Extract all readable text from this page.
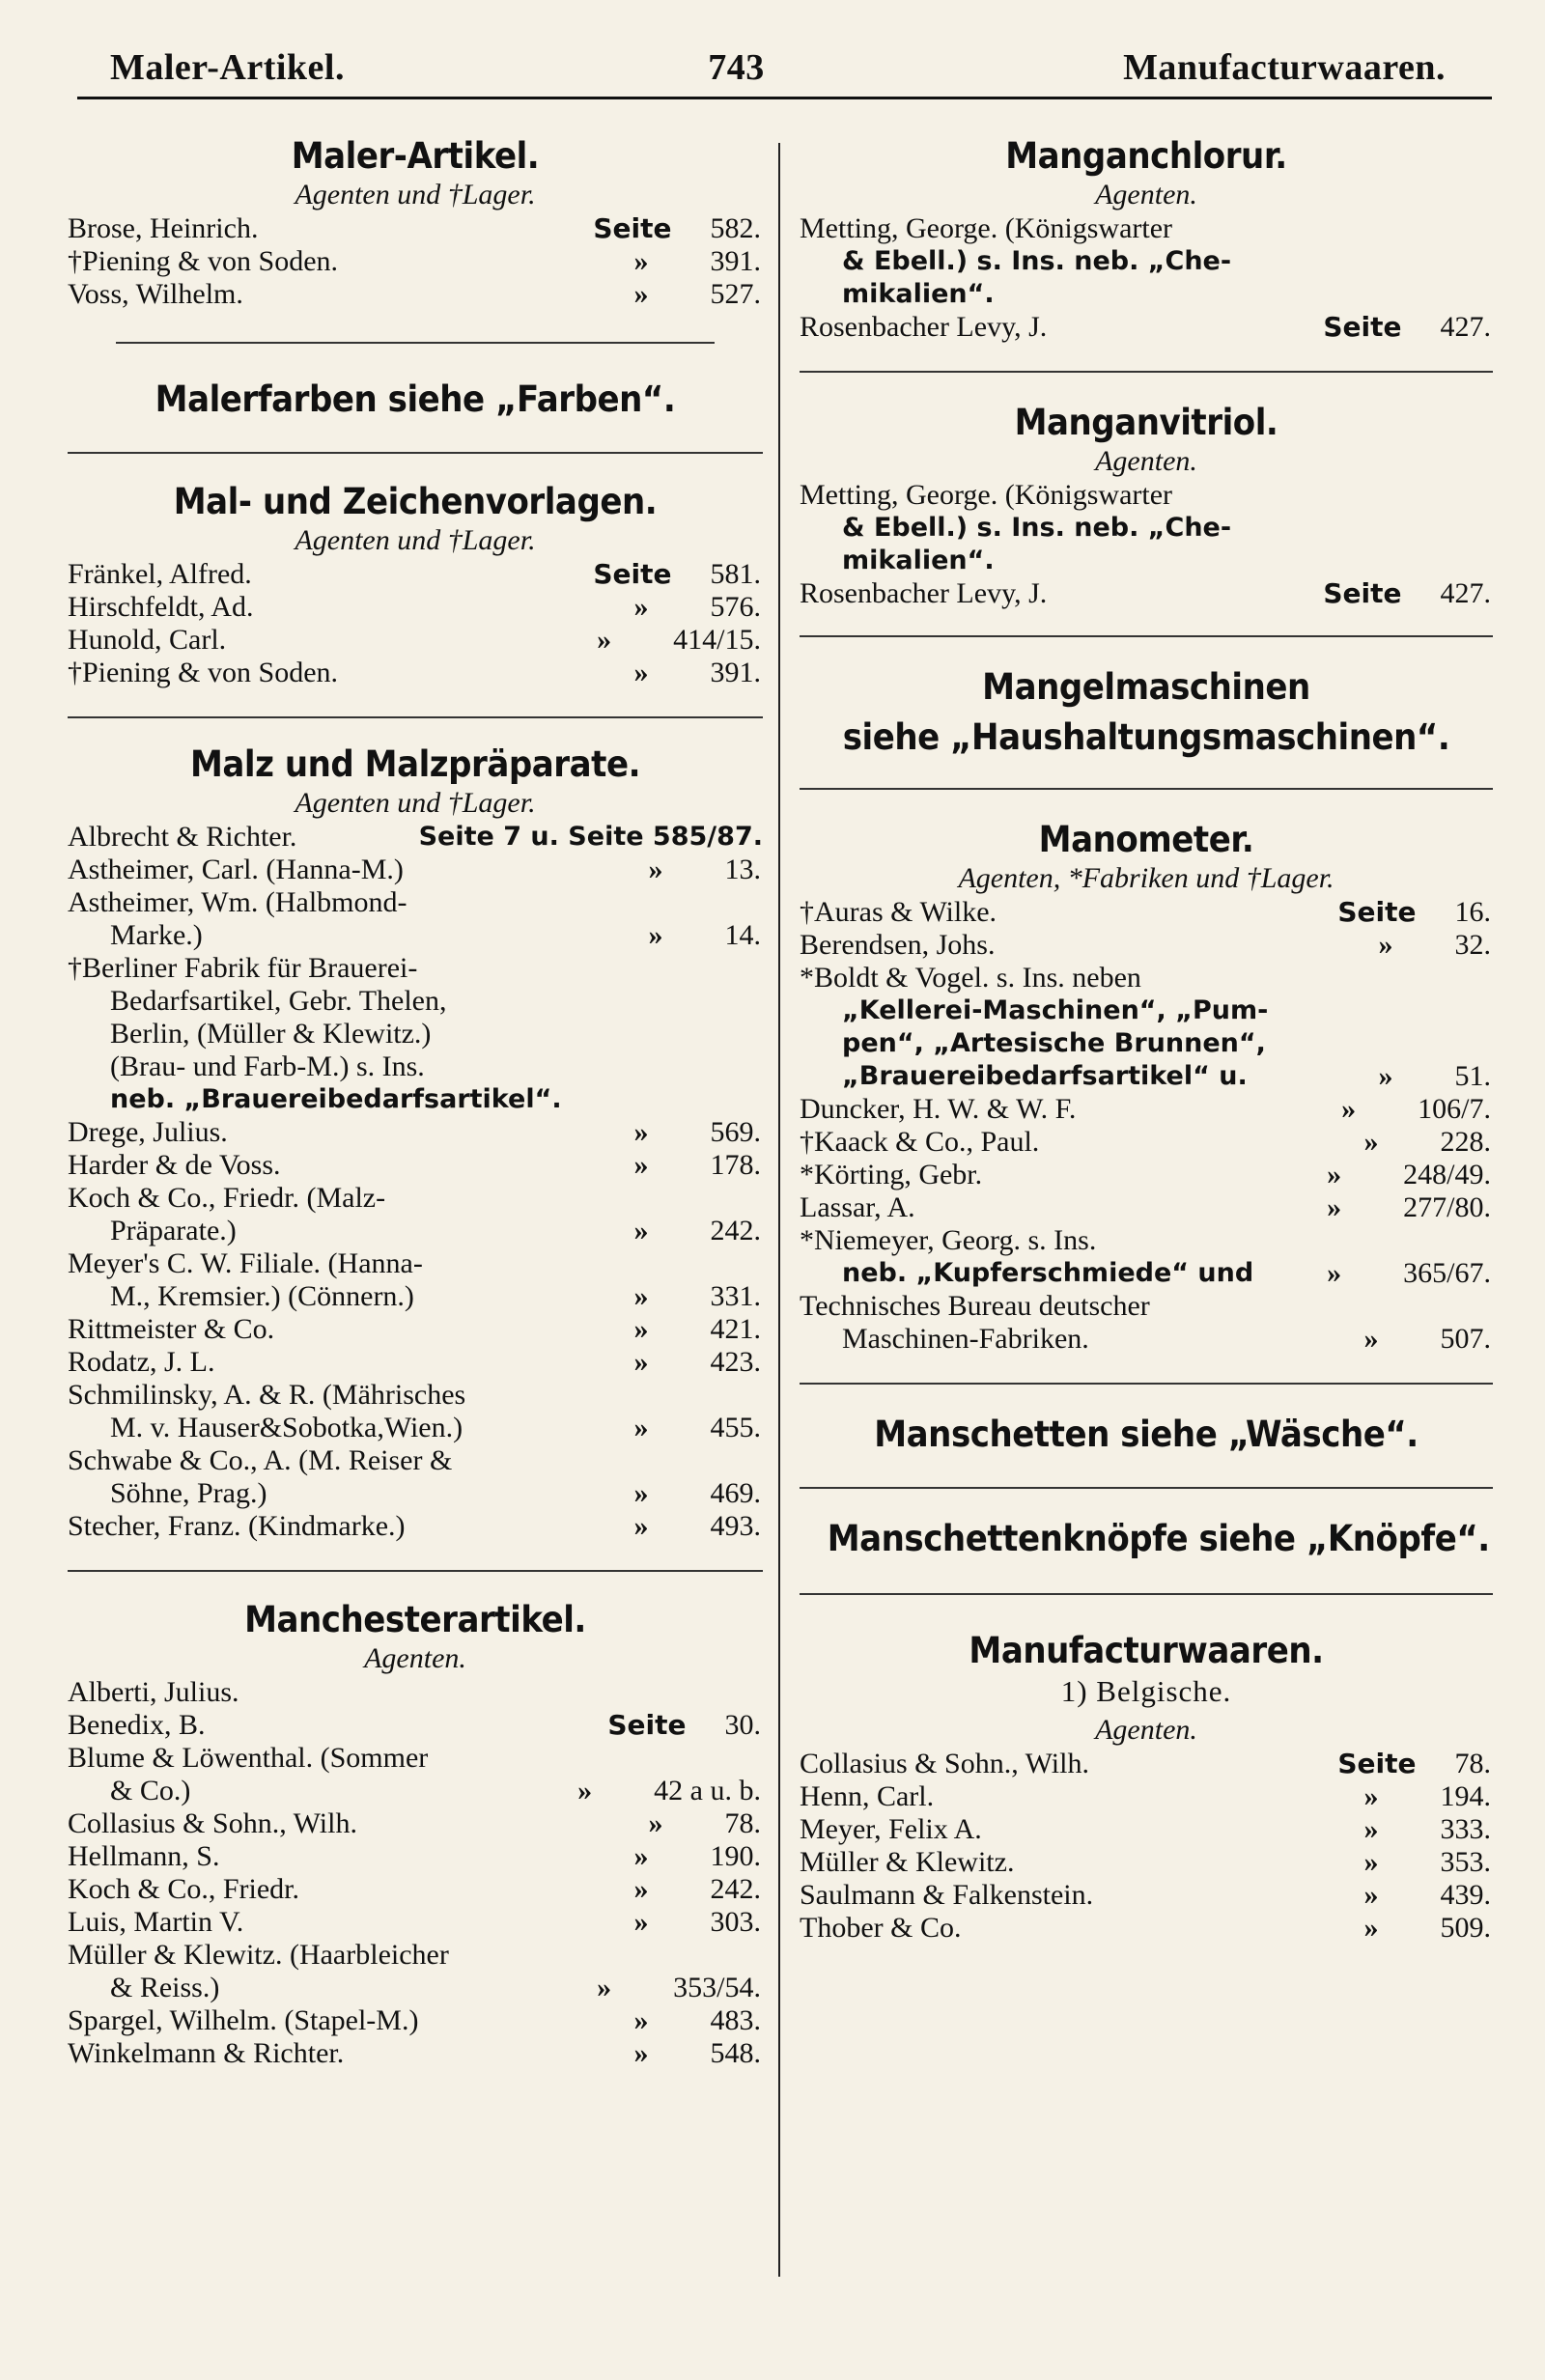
Maler-Artikel.	743	Manufacturwaaren.
Maler-Artikel.
Agenten und †Lager.
Brose, Heinrich.	Seite 582.
†Piening & von Soden.	» 391.
Voss, Wilhelm.	» 527.
Malerfarben siehe „Farben“.
Mal- und Zeichenvorlagen.
Agenten und †Lager.
Fränkel, Alfred.	Seite 581.
Hirschfeldt, Ad.	» 576.
Hunold, Carl.	» 414/15.
†Piening & von Soden.	» 391.
Malz und Malzpräparate.
Agenten und †Lager.
Albrecht & Richter.	Seite 7 u. Seite 585/87.
Astheimer, Carl. (Hanna-M.)	» 13.
Astheimer, Wm. (Halbmond-
Marke.)	» 14.
†Berliner Fabrik für Brauerei-
Bedarfsartikel, Gebr. Thelen,
Berlin, (Müller & Klewitz.)
(Brau- und Farb-M.) s. Ins.
neb. „Brauereibedarfsartikel“.
Drege, Julius.	» 569.
Harder & de Voss.	» 178.
Koch & Co., Friedr. (Malz-
Präparate.)	» 242.
Meyer's C. W. Filiale. (Hanna-
M., Kremsier.) (Cönnern.)	» 331.
Rittmeister & Co.	» 421.
Rodatz, J. L.	» 423.
Schmilinsky, A. & R. (Mährisches
M. v. Hauser&Sobotka,Wien.)	» 455.
Schwabe & Co., A. (M. Reiser &
Söhne, Prag.)	» 469.
Stecher, Franz. (Kindmarke.)	» 493.
Manchesterartikel.
Agenten.
Alberti, Julius.
Benedix, B.	Seite 30.
Blume & Löwenthal. (Sommer
& Co.)	» 42 a u. b.
Collasius & Sohn., Wilh.	» 78.
Hellmann, S.	» 190.
Koch & Co., Friedr.	» 242.
Luis, Martin V.	» 303.
Müller & Klewitz. (Haarbleicher
& Reiss.)	» 353/54.
Spargel, Wilhelm. (Stapel-M.)	» 483.
Winkelmann & Richter.	» 548.
Manganchlorur.
Agenten.
Metting, George. (Königswarter
& Ebell.) s. Ins. neb. „Che-
mikalien“.
Rosenbacher Levy, J.	Seite 427.
Manganvitriol.
Agenten.
Metting, George. (Königswarter
& Ebell.) s. Ins. neb. „Che-
mikalien“.
Rosenbacher Levy, J.	Seite 427.
Mangelmaschinen
siehe „Haushaltungsmaschinen“.
Manometer.
Agenten, *Fabriken und †Lager.
†Auras & Wilke.	Seite 16.
Berendsen, Johs.	» 32.
*Boldt & Vogel. s. Ins. neben
„Kellerei-Maschinen“, „Pum-
pen“, „Artesische Brunnen“,
„Brauereibedarfsartikel“ u.	» 51.
Duncker, H. W. & W. F.	» 106/7.
†Kaack & Co., Paul.	» 228.
*Körting, Gebr.	» 248/49.
Lassar, A.	» 277/80.
*Niemeyer, Georg. s. Ins.
neb. „Kupferschmiede“ und	» 365/67.
Technisches Bureau deutscher
Maschinen-Fabriken.	» 507.
Manschetten siehe „Wäsche“.
Manschettenknöpfe siehe „Knöpfe“.
Manufacturwaaren.
1) Belgische.
Agenten.
Collasius & Sohn., Wilh.	Seite 78.
Henn, Carl.	» 194.
Meyer, Felix A.	» 333.
Müller & Klewitz.	» 353.
Saulmann & Falkenstein.	» 439.
Thober & Co.	» 509.
